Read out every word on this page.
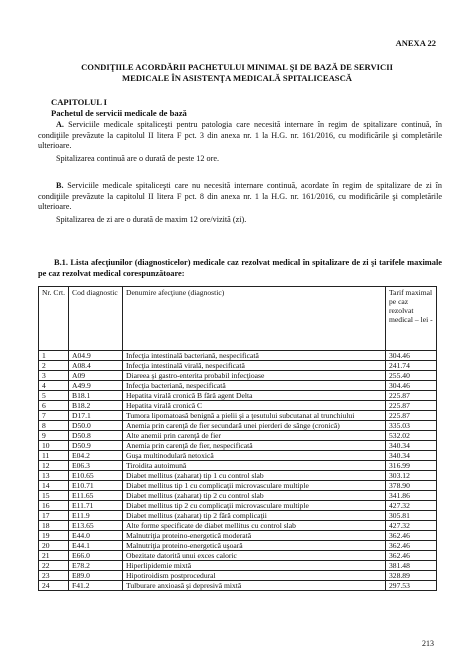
ANEXA 22
CONDIŢIILE ACORDĂRII PACHETULUI MINIMAL ŞI DE BAZĂ DE SERVICII
MEDICALE ÎN ASISTENŢA MEDICALĂ SPITALICEASCĂ
CAPITOLUL I
Pachetul de servicii medicale de bază

A. Serviciile medicale spitaliceşti pentru patologia care necesită internare în regim de spitalizare continuă, în condiţiile prevăzute la capitolul II litera F pct. 3 din anexa nr. 1 la H.G. nr. 161/2016, cu modificările şi completările ulterioare.

Spitalizarea continuă are o durată de peste 12 ore.

B. Serviciile medicale spitaliceşti care nu necesită internare continuă, acordate în regim de spitalizare de zi în condiţiile prevăzute la capitolul II litera F pct. 8 din anexa nr. 1 la H.G. nr. 161/2016, cu modificările şi completările ulterioare.

Spitalizarea de zi are o durată de maxim 12 ore/vizită (zi).

B.1. Lista afecţiunilor (diagnosticelor) medicale caz rezolvat medical în spitalizare de zi şi tarifele maximale pe caz rezolvat medical corespunzătoare:
Nr. Crt.	Cod diagnostic	Denumire afecţiune (diagnostic)	Tarif maximal pe caz rezolvat medical – lei -
1	A04.9	Infecţia intestinală bacteriană, nespecificată	304.46
2	A08.4	Infecţia intestinală virală, nespecificată	241.74
3	A09	Diareea şi gastro-enterita probabil infecţioase	255.40
4	A49.9	Infecţia bacteriană, nespecificată	304.46
5	B18.1	Hepatita virală cronică B fără agent Delta	225.87
6	B18.2	Hepatita virală cronică C	225.87
7	D17.1	Tumora lipomatoasă benignă a pielii şi a ţesutului subcutanat al trunchiului	225.87
8	D50.0	Anemia prin carenţă de fier secundară unei pierderi de sânge (cronică)	335.03
9	D50.8	Alte anemii prin carenţă de fier	532.02
10	D50.9	Anemia prin carenţă de fier, nespecificată	340.34
11	E04.2	Guşa multinodulară netoxică	340.34
12	E06.3	Tiroidita autoimună	316.99
13	E10.65	Diabet mellitus (zaharat) tip 1 cu control slab	303.12
14	E10.71	Diabet mellitus tip 1 cu complicaţii microvasculare multiple	378.90
15	E11.65	Diabet mellitus (zaharat) tip 2 cu control slab	341.86
16	E11.71	Diabet mellitus tip 2 cu complicaţii microvasculare multiple	427.32
17	E11.9	Diabet mellitus (zaharat) tip 2 fără complicaţii	305.81
18	E13.65	Alte forme specificate de diabet mellitus cu control slab	427.32
19	E44.0	Malnutriţia proteino-energetică moderată	362.46
20	E44.1	Malnutriţia proteino-energetică uşoară	362.46
21	E66.0	Obezitate datorită unui exces caloric	362.46
22	E78.2	Hiperlipidemie mixtă	381.48
23	E89.0	Hipotiroidism postprocedural	328.89
24	F41.2	Tulburare anxioasă şi depresivă mixtă	297.53
213
